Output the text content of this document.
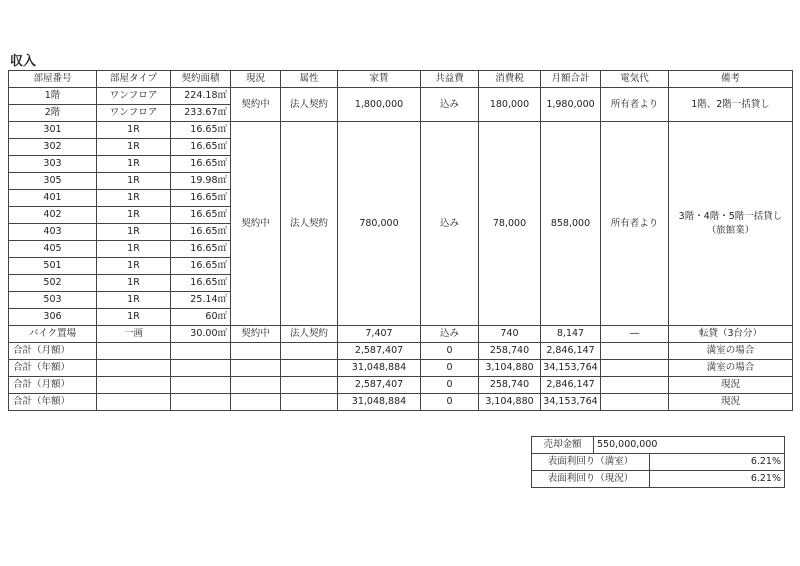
収入
部屋番号	部屋タイプ	契約面積	現況	属性	家賃	共益費	消費税	月額合計	電気代	備考
1階	ワンフロア	224.18㎡	契約中	法人契約	1,800,000	込み	180,000	1,980,000	所有者より	1階、2階一括貸し
2階	ワンフロア	233.67㎡								
301	1R	16.65㎡	契約中	法人契約	780,000	込み	78,000	858,000	所有者より	3階・4階・5階一括貸し（旅館業）
302	1R	16.65㎡								
303	1R	16.65㎡								
305	1R	19.98㎡								
401	1R	16.65㎡								
402	1R	16.65㎡								
403	1R	16.65㎡								
405	1R	16.65㎡								
501	1R	16.65㎡								
502	1R	16.65㎡								
503	1R	25.14㎡								
306	1R	60㎡								
バイク置場	一画	30.00㎡	契約中	法人契約	7,407	込み	740	8,147	―	転貸（3台分）
合計（月額）					2,587,407	0	258,740	2,846,147		満室の場合
合計（年額）					31,048,884	0	3,104,880	34,153,764		満室の場合
合計（月額）					2,587,407	0	258,740	2,846,147		現況
合計（年額）					31,048,884	0	3,104,880	34,153,764		現況
売却金額	550,000,000	
表面利回り（満室）		6.21%
表面利回り（現況）		6.21%
